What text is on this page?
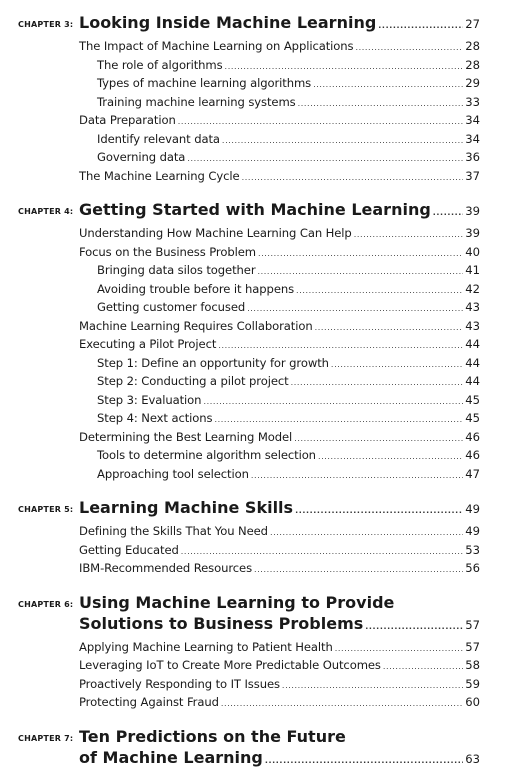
CHAPTER 3: Looking Inside Machine Learning .....	27
The Impact of Machine Learning on Applications .....	28
The role of algorithms .....	28
Types of machine learning algorithms .....	29
Training machine learning systems .....	33
Data Preparation .....	34
Identify relevant data .....	34
Governing data .....	36
The Machine Learning Cycle .....	37
CHAPTER 4: Getting Started with Machine Learning .....	39
Understanding How Machine Learning Can Help .....	39
Focus on the Business Problem .....	40
Bringing data silos together .....	41
Avoiding trouble before it happens .....	42
Getting customer focused .....	43
Machine Learning Requires Collaboration .....	43
Executing a Pilot Project .....	44
Step 1: Define an opportunity for growth .....	44
Step 2: Conducting a pilot project .....	44
Step 3: Evaluation .....	45
Step 4: Next actions .....	45
Determining the Best Learning Model .....	46
Tools to determine algorithm selection .....	46
Approaching tool selection .....	47
CHAPTER 5: Learning Machine Skills .....	49
Defining the Skills That You Need .....	49
Getting Educated .....	53
IBM-Recommended Resources .....	56
CHAPTER 6: Using Machine Learning to Provide
Solutions to Business Problems .....	57
Applying Machine Learning to Patient Health .....	57
Leveraging IoT to Create More Predictable Outcomes .....	58
Proactively Responding to IT Issues .....	59
Protecting Against Fraud .....	60
CHAPTER 7: Ten Predictions on the Future
of Machine Learning .....	63
